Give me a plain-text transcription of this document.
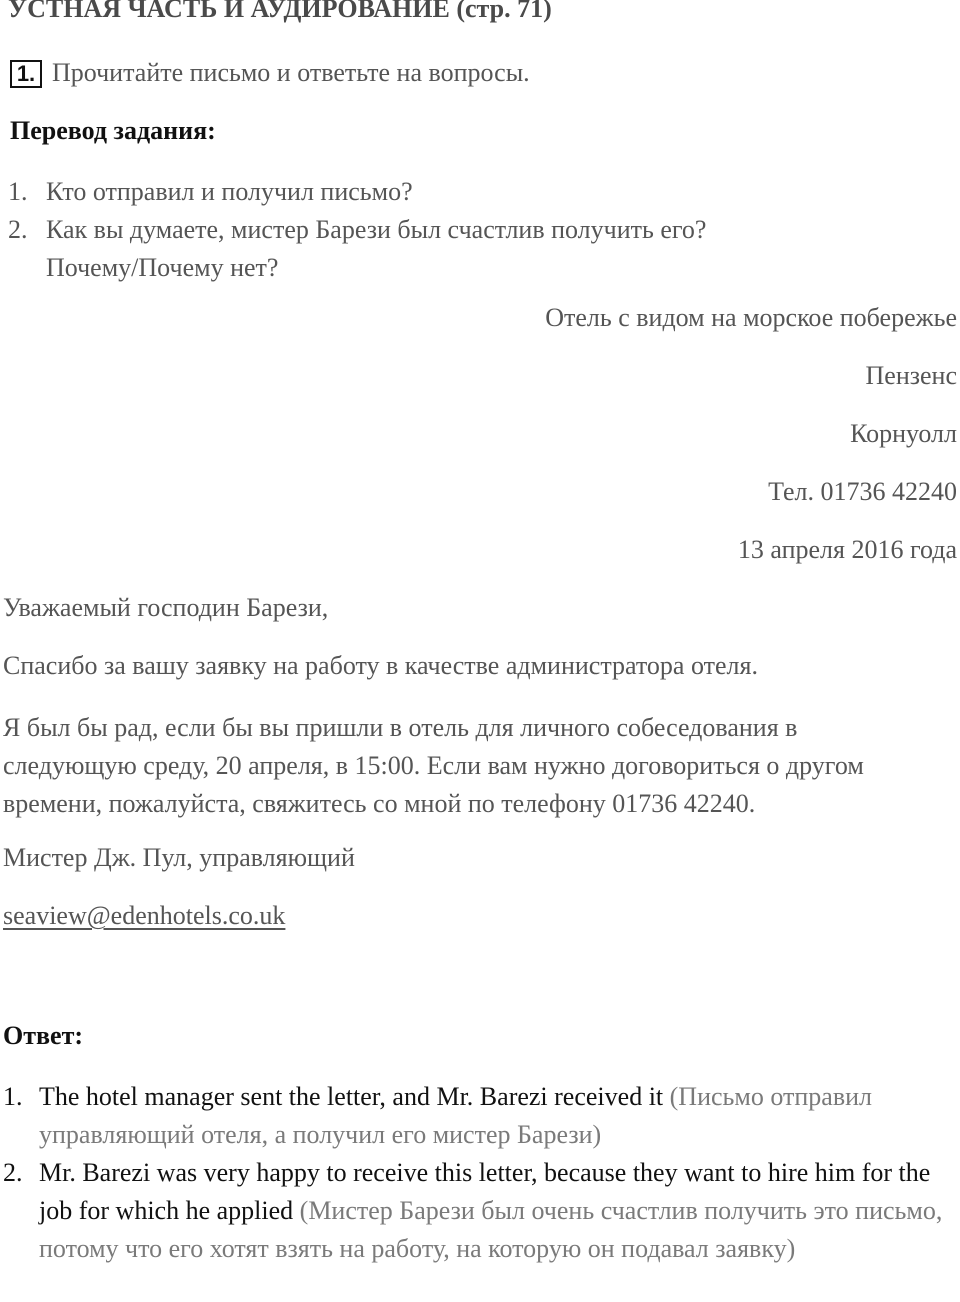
УСТНАЯ ЧАСТЬ И АУДИРОВАНИЕ (стр. 71)
1. Прочитайте письмо и ответьте на вопросы.
Перевод задания:
1. Кто отправил и получил письмо?
2. Как вы думаете, мистер Барези был счастлив получить его?
Почему/Почему нет?
Отель с видом на морское побережье
Пензенс
Корнуолл
Тел. 01736 42240
13 апреля 2016 года
Уважаемый господин Барези,
Спасибо за вашу заявку на работу в качестве администратора отеля.
Я был бы рад, если бы вы пришли в отель для личного собеседования в
следующую среду, 20 апреля, в 15:00. Если вам нужно договориться о другом
времени, пожалуйста, свяжитесь со мной по телефону 01736 42240.
Мистер Дж. Пул, управляющий
seaview@edenhotels.co.uk
Ответ:
1. The hotel manager sent the letter, and Mr. Barezi received it (Письмо отправил управляющий отеля, а получил его мистер Барези)
2. Mr. Barezi was very happy to receive this letter, because they want to hire him for the job for which he applied (Мистер Барези был очень счастлив получить это письмо, потому что его хотят взять на работу, на которую он подавал заявку)
